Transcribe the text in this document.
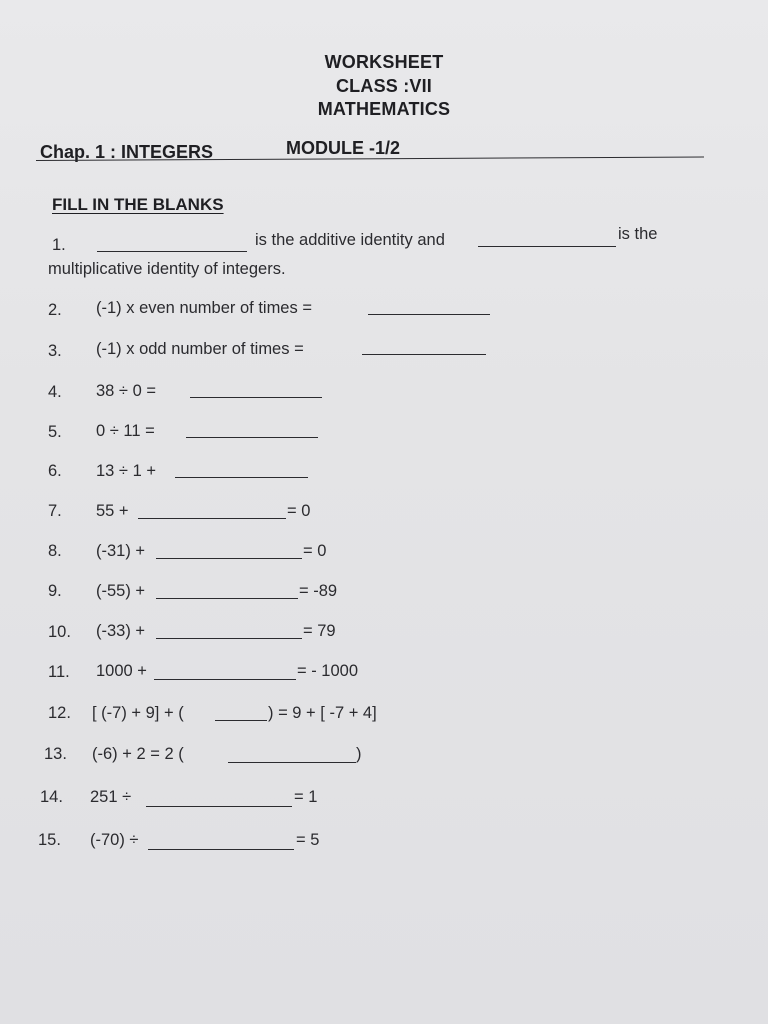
WORKSHEET
CLASS :VII
MATHEMATICS
Chap. 1 : INTEGERS	MODULE -1/2
FILL IN THE BLANKS
1.	is the additive identity and	is the
multiplicative identity of integers.
2. (-1) x even number of times =
3. (-1) x odd number of times =
4. 38 ÷ 0 =
5. 0 ÷ 11 =
6. 13 ÷ 1 +
7. 55 +	= 0
8. (-31) +	= 0
9. (-55) +	= -89
10. (-33) +	= 79
11. 1000 +	= - 1000
12. [ (-7) + 9] + (	) = 9 + [ -7 + 4]
13. (-6) + 2 = 2 (	)
14. 251 ÷	= 1
15. (-70) ÷	= 5
